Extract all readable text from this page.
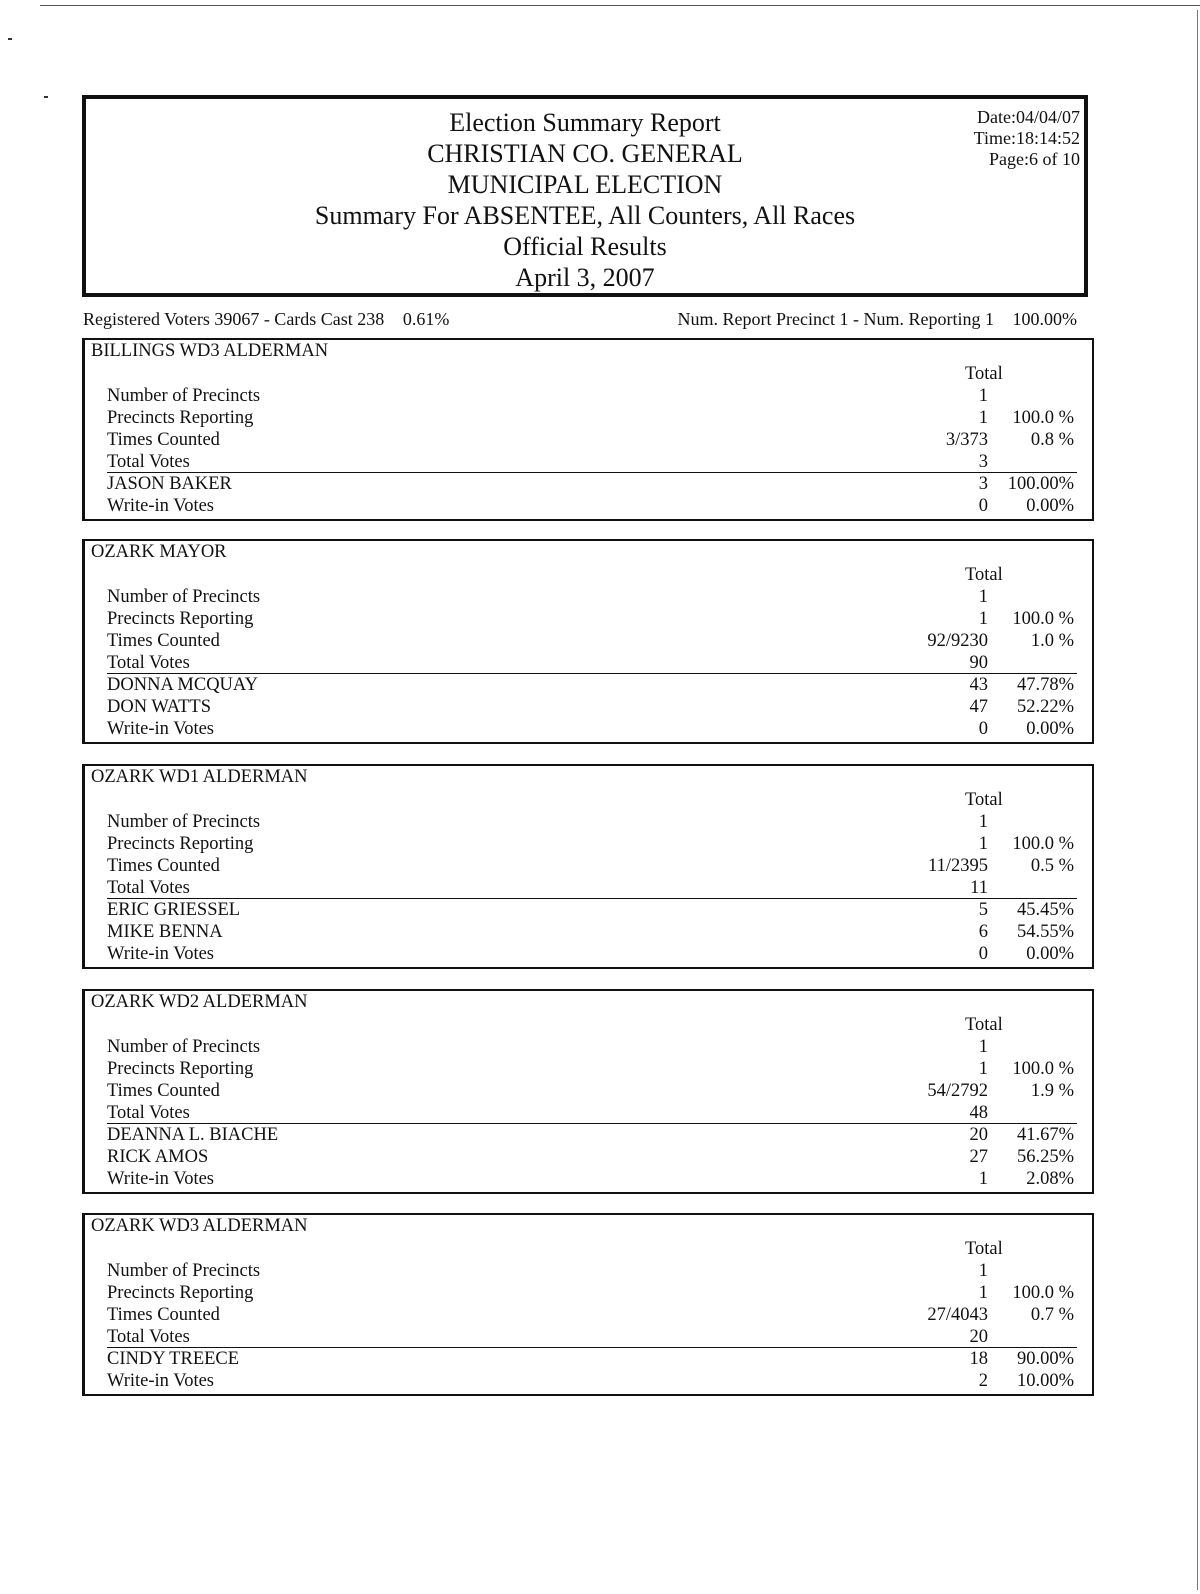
Election Summary Report
CHRISTIAN CO. GENERAL
MUNICIPAL ELECTION
Summary For ABSENTEE, All Counters, All Races
Official Results
April 3, 2007
Date:04/04/07
Time:18:14:52
Page:6 of 10
Registered Voters 39067 - Cards Cast 238 0.61%	Num. Report Precinct 1 - Num. Reporting 1 100.00%
BILLINGS WD3 ALDERMAN
Total
Number of Precincts	1
Precincts Reporting	1 100.0 %
Times Counted	3/373 0.8 %
Total Votes	3
JASON BAKER	3 100.00%
Write-in Votes	0 0.00%
OZARK MAYOR
Total
Number of Precincts	1
Precincts Reporting	1 100.0 %
Times Counted	92/9230 1.0 %
Total Votes	90
DONNA MCQUAY	43 47.78%
DON WATTS	47 52.22%
Write-in Votes	0 0.00%
OZARK WD1 ALDERMAN
Total
Number of Precincts	1
Precincts Reporting	1 100.0 %
Times Counted	11/2395 0.5 %
Total Votes	11
ERIC GRIESSEL	5 45.45%
MIKE BENNA	6 54.55%
Write-in Votes	0 0.00%
OZARK WD2 ALDERMAN
Total
Number of Precincts	1
Precincts Reporting	1 100.0 %
Times Counted	54/2792 1.9 %
Total Votes	48
DEANNA L. BIACHE	20 41.67%
RICK AMOS	27 56.25%
Write-in Votes	1 2.08%
OZARK WD3 ALDERMAN
Total
Number of Precincts	1
Precincts Reporting	1 100.0 %
Times Counted	27/4043 0.7 %
Total Votes	20
CINDY TREECE	18 90.00%
Write-in Votes	2 10.00%
